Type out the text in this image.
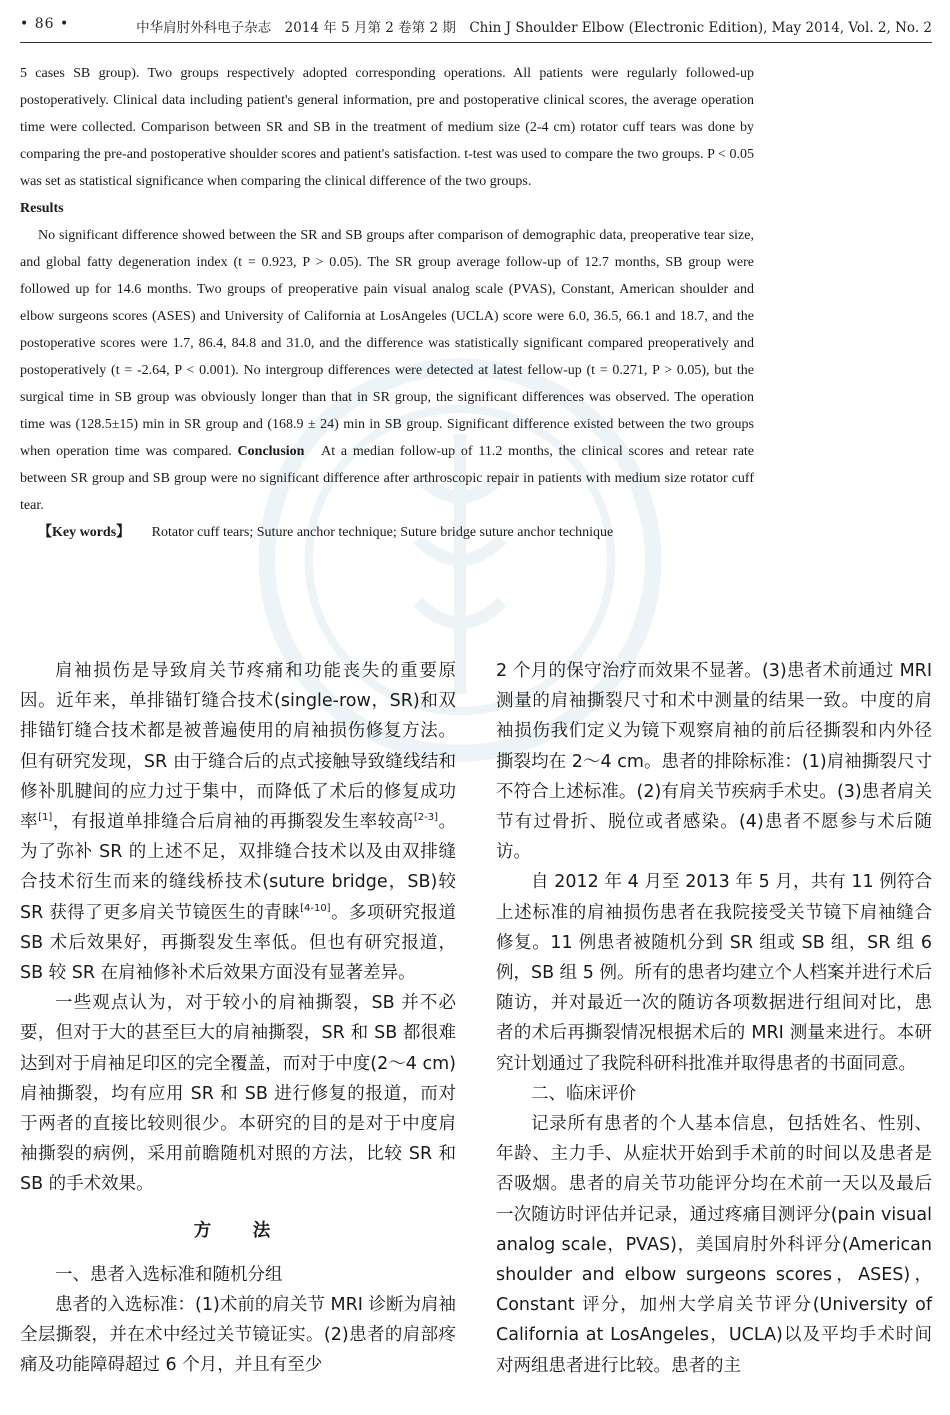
• 86 •	中华肩肘外科电子杂志　2014 年 5 月第 2 卷第 2 期　Chin J Shoulder Elbow (Electronic Edition), May 2014, Vol. 2, No. 2

5 cases SB group). Two groups respectively adopted corresponding operations. All patients were regularly followed-up postoperatively. Clinical data including patient's general information, pre and postoperative clinical scores, the average operation time were collected. Comparison between SR and SB in the treatment of medium size (2-4 cm) rotator cuff tears was done by comparing the pre-and postoperative shoulder scores and patient's satisfaction. t-test was used to compare the two groups. P < 0.05 was set as statistical significance when comparing the clinical difference of the two groups.

Results

No significant difference showed between the SR and SB groups after comparison of demographic data, preoperative tear size, and global fatty degeneration index (t = 0.923, P > 0.05). The SR group average follow-up of 12.7 months, SB group were followed up for 14.6 months. Two groups of preoperative pain visual analog scale (PVAS), Constant, American shoulder and elbow surgeons scores (ASES) and University of California at LosAngeles (UCLA) score were 6.0, 36.5, 66.1 and 18.7, and the postoperative scores were 1.7, 86.4, 84.8 and 31.0, and the difference was statistically significant compared preoperatively and postoperatively (t = -2.64, P < 0.001). No intergroup differences were detected at latest fellow-up (t = 0.271, P > 0.05), but the surgical time in SB group was obviously longer than that in SR group, the significant differences was observed. The operation time was (128.5±15) min in SR group and (168.9 ± 24) min in SB group. Significant difference existed between the two groups when operation time was compared. Conclusion At a median follow-up of 11.2 months, the clinical scores and retear rate between SR group and SB group were no significant difference after arthroscopic repair in patients with medium size rotator cuff tear.

【Key words】 Rotator cuff tears; Suture anchor technique; Suture bridge suture anchor technique

肩袖损伤是导致肩关节疼痛和功能丧失的重要原因。近年来，单排锚钉缝合技术(single-row，SR)和双排锚钉缝合技术都是被普遍使用的肩袖损伤修复方法。但有研究发现，SR 由于缝合后的点式接触导致缝线结和修补肌腱间的应力过于集中，而降低了术后的修复成功率[1]，有报道单排缝合后肩袖的再撕裂发生率较高[2-3]。为了弥补 SR 的上述不足，双排缝合技术以及由双排缝合技术衍生而来的缝线桥技术(suture bridge，SB)较 SR 获得了更多肩关节镜医生的青睐[4-10]。多项研究报道 SB 术后效果好，再撕裂发生率低。但也有研究报道，SB 较 SR 在肩袖修补术后效果方面没有显著差异。

一些观点认为，对于较小的肩袖撕裂，SB 并不必要，但对于大的甚至巨大的肩袖撕裂，SR 和 SB 都很难达到对于肩袖足印区的完全覆盖，而对于中度(2～4 cm)肩袖撕裂，均有应用 SR 和 SB 进行修复的报道，而对于两者的直接比较则很少。本研究的目的是对于中度肩袖撕裂的病例，采用前瞻随机对照的方法，比较 SR 和 SB 的手术效果。

方　法

一、患者入选标准和随机分组

患者的入选标准：(1)术前的肩关节 MRI 诊断为肩袖全层撕裂，并在术中经过关节镜证实。(2)患者的肩部疼痛及功能障碍超过 6 个月，并且有至少

2 个月的保守治疗而效果不显著。(3)患者术前通过 MRI 测量的肩袖撕裂尺寸和术中测量的结果一致。中度的肩袖损伤我们定义为镜下观察肩袖的前后径撕裂和内外径撕裂均在 2～4 cm。患者的排除标准：(1)肩袖撕裂尺寸不符合上述标准。(2)有肩关节疾病手术史。(3)患者肩关节有过骨折、脱位或者感染。(4)患者不愿参与术后随访。

自 2012 年 4 月至 2013 年 5 月，共有 11 例符合上述标准的肩袖损伤患者在我院接受关节镜下肩袖缝合修复。11 例患者被随机分到 SR 组或 SB 组，SR 组 6 例，SB 组 5 例。所有的患者均建立个人档案并进行术后随访，并对最近一次的随访各项数据进行组间对比，患者的术后再撕裂情况根据术后的 MRI 测量来进行。本研究计划通过了我院科研科批准并取得患者的书面同意。

二、临床评价

记录所有患者的个人基本信息，包括姓名、性别、年龄、主力手、从症状开始到手术前的时间以及患者是否吸烟。患者的肩关节功能评分均在术前一天以及最后一次随访时评估并记录，通过疼痛目测评分(pain visual analog scale，PVAS)，美国肩肘外科评分(American shoulder and elbow surgeons scores，ASES)，Constant 评分，加州大学肩关节评分(University of California at LosAngeles，UCLA)以及平均手术时间对两组患者进行比较。患者的主
